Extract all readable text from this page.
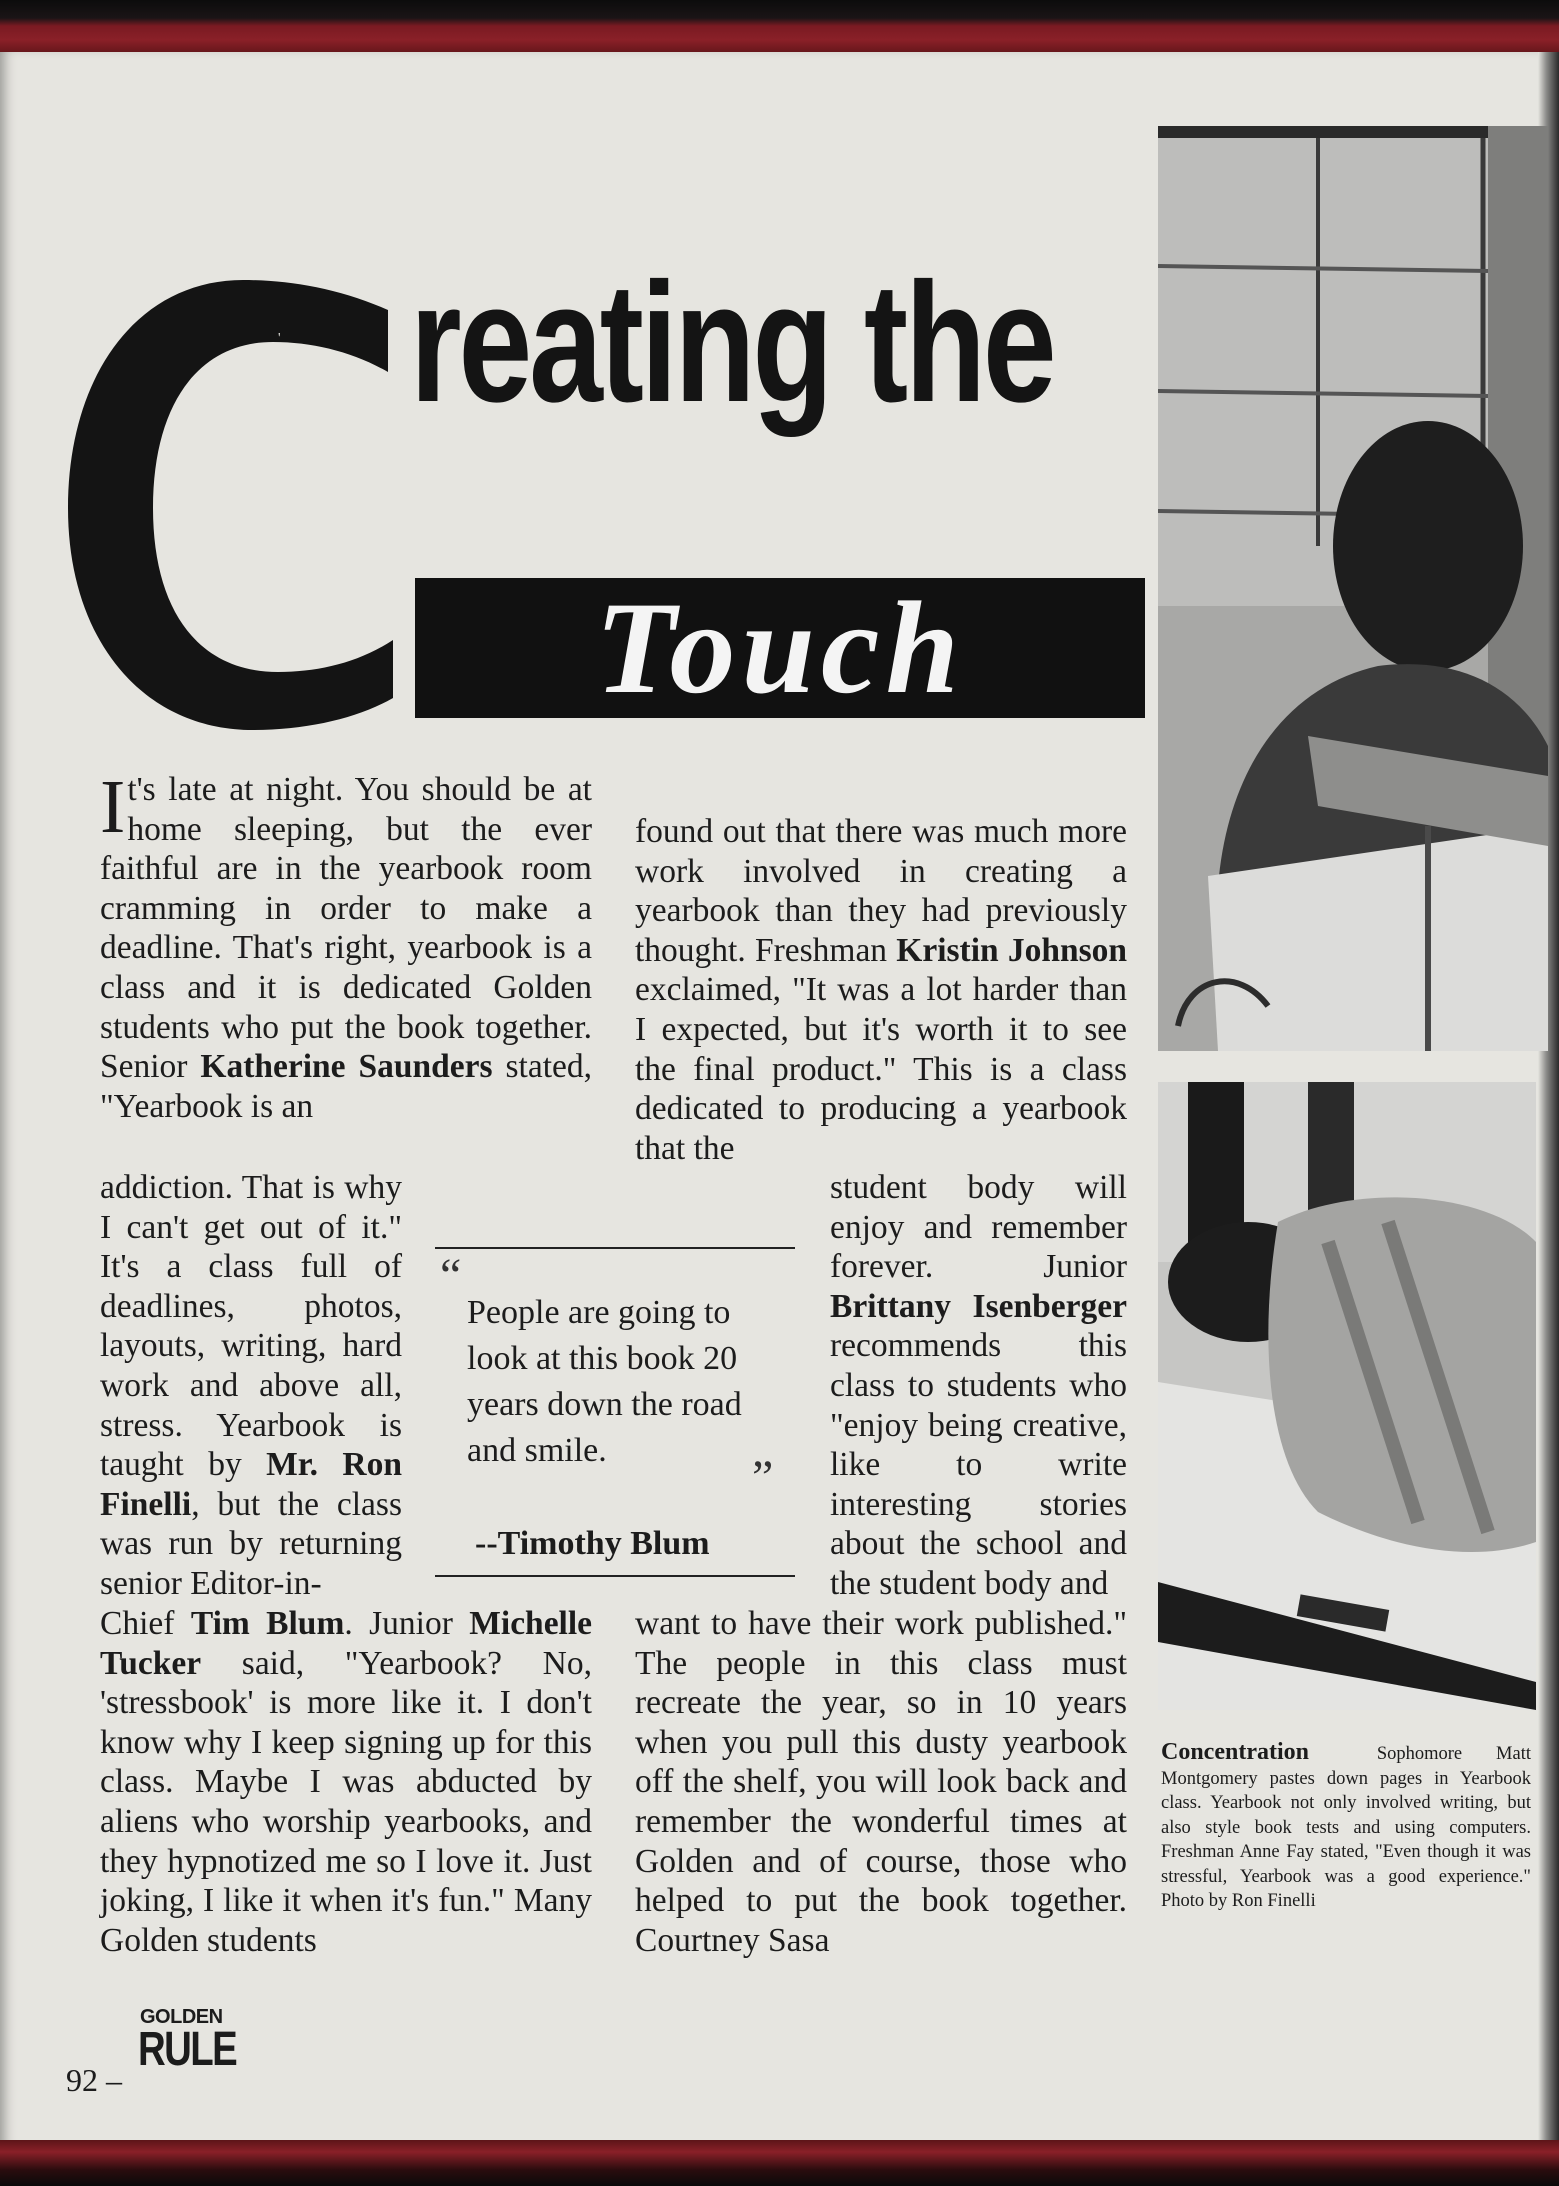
' reating the
Touch

It's late at night. You should be at home sleeping, but the ever faithful are in the yearbook room cramming in order to make a deadline. That's right, yearbook is a class and it is dedicated Golden students who put the book together. Senior Katherine Saunders stated, "Yearbook is an

addiction. That is why I can't get out of it." It's a class full of deadlines, photos, layouts, writing, hard work and above all, stress. Yearbook is taught by Mr. Ron Finelli, but the class was run by returning senior Editor-in-

Chief Tim Blum. Junior Michelle Tucker said, "Yearbook? No, 'stressbook' is more like it. I don't know why I keep signing up for this class. Maybe I was abducted by aliens who worship yearbooks, and they hypnotized me so I love it. Just joking, I like it when it's fun." Many Golden students

found out that there was much more work involved in creating a yearbook than they had previously thought. Freshman Kristin Johnson exclaimed, "It was a lot harder than I expected, but it's worth it to see the final product." This is a class dedicated to producing a yearbook that the

student body will enjoy and remember forever. Junior Brittany Isenberger recommends this class to students who "enjoy being creative, like to write interesting stories about the school and the student body and

want to have their work published." The people in this class must recreate the year, so in 10 years when you pull this dusty yearbook off the shelf, you will look back and remember the wonderful times at Golden and of course, those who helped to put the book together. Courtney Sasa

“
People are going to look at this book 20 years down the road and smile.
”
--Timothy Blum
Concentration	Sophomore Matt Montgomery pastes down pages in Yearbook class. Yearbook not only involved writing, but also style book tests and using computers. Freshman Anne Fay stated, "Even though it was stressful, Yearbook was a good experience." Photo by Ron Finelli
92 –
GOLDEN
RULE
